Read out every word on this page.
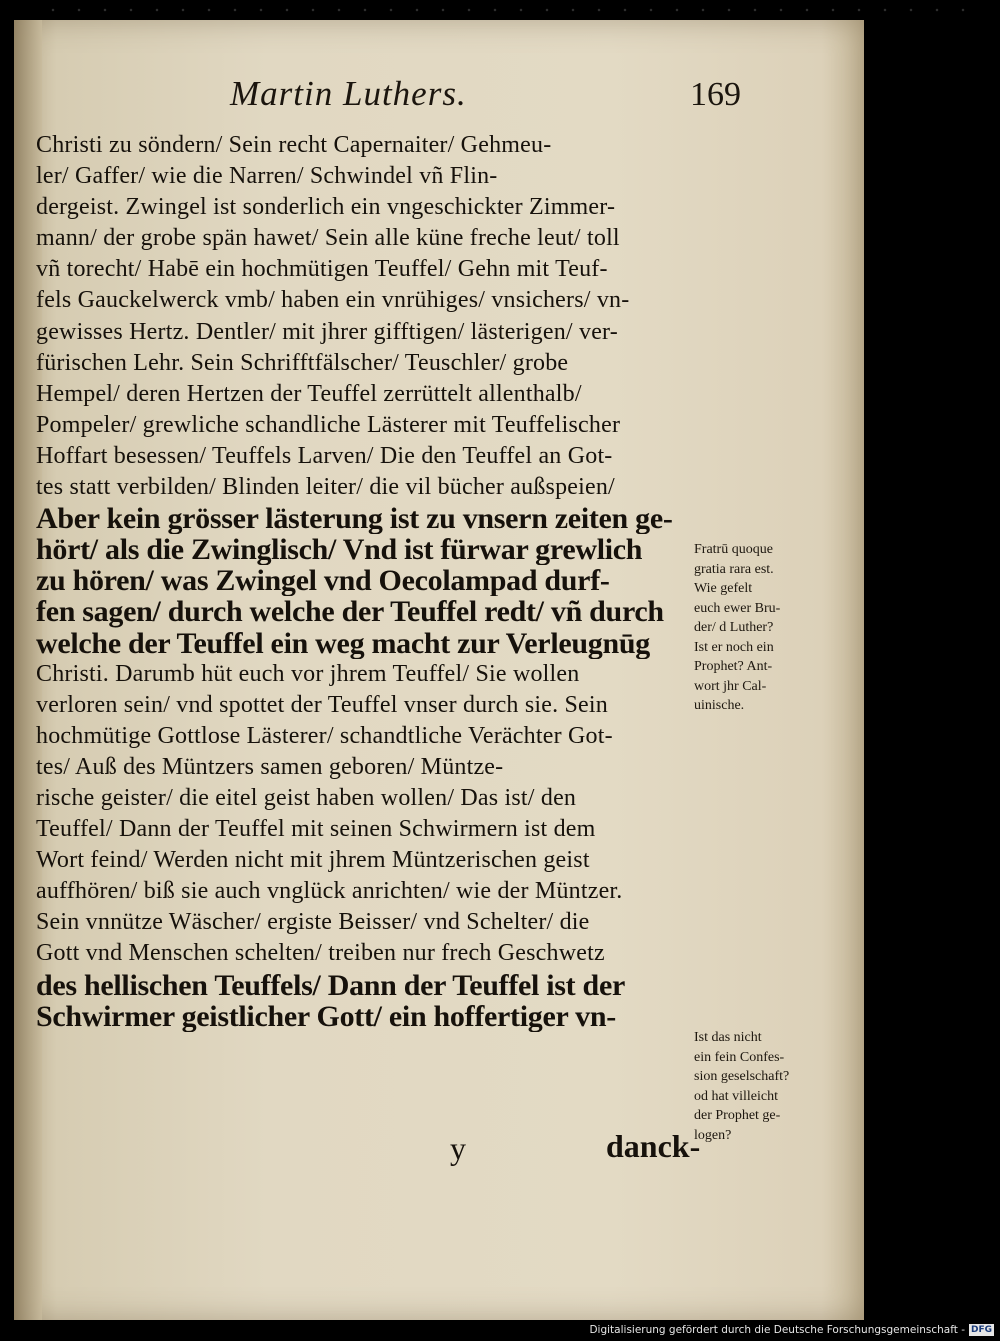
Martin Luthers.	169
Christi zu söndern/ Sein recht Capernaiter/ Gehmeu-
ler/ Gaffer/ wie die Narren/ Schwindel vñ Flin-
dergeist. Zwingel ist sonderlich ein vngeschickter Zimmer-
mann/ der grobe spän hawet/ Sein alle küne freche leut/ toll
vñ torecht/ Habē ein hochmütigen Teuffel/ Gehn mit Teuf-
fels Gauckelwerck vmb/ haben ein vnrühiges/ vnsichers/ vn-
gewisses Hertz. Dentler/ mit jhrer gifftigen/ lästerigen/ ver-
fürischen Lehr. Sein Schrifftfälscher/ Teuschler/ grobe
Hempel/ deren Hertzen der Teuffel zerrüttelt allenthalb/
Pompeler/ grewliche schandliche Lästerer mit Teuffelischer
Hoffart besessen/ Teuffels Larven/ Die den Teuffel an Got-
tes statt verbilden/ Blinden leiter/ die vil bücher außspeien/
Aber kein grösser lästerung ist zu vnsern zeiten ge-
hört/ als die Zwinglisch/ Vnd ist fürwar grewlich
zu hören/ was Zwingel vnd Oecolampad durf-
fen sagen/ durch welche der Teuffel redt/ vñ durch
welche der Teuffel ein weg macht zur Verleugnūg
Christi. Darumb hüt euch vor jhrem Teuffel/ Sie wollen
verloren sein/ vnd spottet der Teuffel vnser durch sie. Sein
hochmütige Gottlose Lästerer/ schandtliche Verächter Got-
tes/ Auß des Müntzers samen geboren/ Müntze-
rische geister/ die eitel geist haben wollen/ Das ist/ den
Teuffel/ Dann der Teuffel mit seinen Schwirmern ist dem
Wort feind/ Werden nicht mit jhrem Müntzerischen geist
auffhören/ biß sie auch vnglück anrichten/ wie der Müntzer.
Sein vnnütze Wäscher/ ergiste Beisser/ vnd Schelter/ die
Gott vnd Menschen schelten/ treiben nur frech Geschwetz
des hellischen Teuffels/ Dann der Teuffel ist der
Schwirmer geistlicher Gott/ ein hoffertiger vn-
y	danck-
Fratrū quoque
gratia rara est.
Wie gefelt
euch ewer Bru-
der/ d Luther?
Ist er noch ein
Prophet? Ant-
wort jhr Cal-
uinische.
Ist das nicht
ein fein Confes-
sion geselschaft?
od hat villeicht
der Prophet ge-
logen?
Digitalisierung gefördert durch die Deutsche Forschungsgemeinschaft - DFG
